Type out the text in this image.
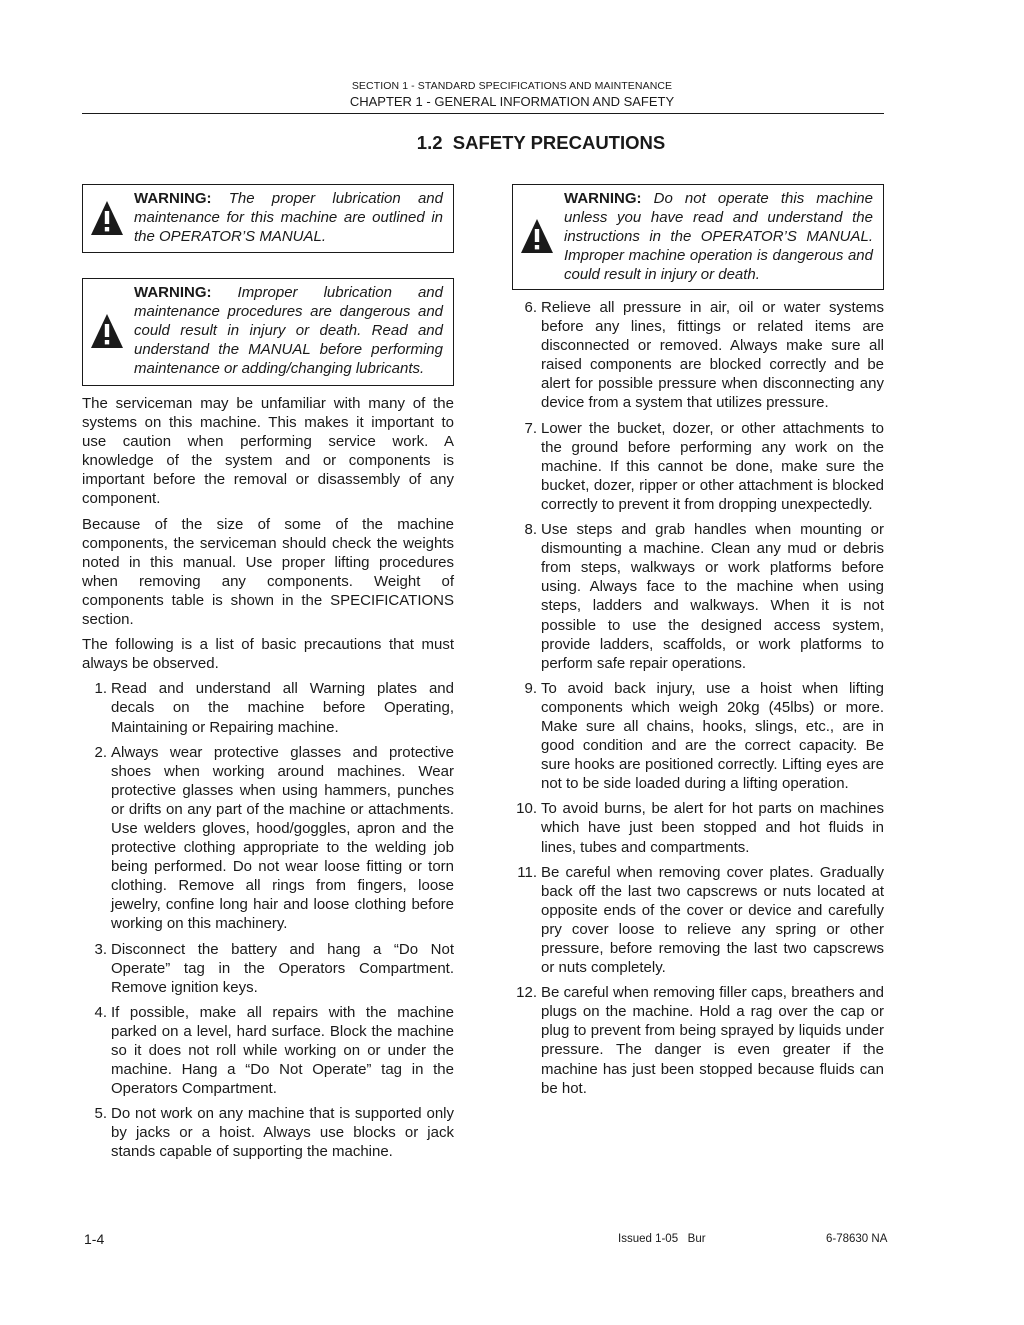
SECTION 1 - STANDARD SPECIFICATIONS AND MAINTENANCE
CHAPTER 1 - GENERAL INFORMATION AND SAFETY
1.2  SAFETY PRECAUTIONS
WARNING: The proper lubrication and maintenance for this machine are outlined in the OPERATOR’S MANUAL.
WARNING: Improper lubrication and maintenance procedures are dangerous and could result in injury or death. Read and understand the MANUAL before performing maintenance or adding/changing lubricants.

The serviceman may be unfamiliar with many of the systems on this machine. This makes it important to use caution when performing service work. A knowledge of the system and or components is important before the removal or disassembly of any component.

Because of the size of some of the machine components, the serviceman should check the weights noted in this manual. Use proper lifting procedures when removing any components. Weight of components table is shown in the SPECIFICATIONS section.

The following is a list of basic precautions that must always be observed.

1. Read and understand all Warning plates and decals on the machine before Operating, Maintaining or Repairing machine.
2. Always wear protective glasses and protective shoes when working around machines. Wear protective glasses when using hammers, punches or drifts on any part of the machine or attachments. Use welders gloves, hood/goggles, apron and the protective clothing appropriate to the welding job being performed. Do not wear loose fitting or torn clothing. Remove all rings from fingers, loose jewelry, confine long hair and loose clothing before working on this machinery.
3. Disconnect the battery and hang a “Do Not Operate” tag in the Operators Compartment. Remove ignition keys.
4. If possible, make all repairs with the machine parked on a level, hard surface. Block the machine so it does not roll while working on or under the machine. Hang a “Do Not Operate” tag in the Operators Compartment.
5. Do not work on any machine that is supported only by jacks or a hoist. Always use blocks or jack stands capable of supporting the machine.
WARNING: Do not operate this machine unless you have read and understand the instructions in the OPERATOR’S MANUAL. Improper machine operation is dangerous and could result in injury or death.
6. Relieve all pressure in air, oil or water systems before any lines, fittings or related items are disconnected or removed. Always make sure all raised components are blocked correctly and be alert for possible pressure when disconnecting any device from a system that utilizes pressure.
7. Lower the bucket, dozer, or other attachments to the ground before performing any work on the machine. If this cannot be done, make sure the bucket, dozer, ripper or other attachment is blocked correctly to prevent it from dropping unexpectedly.
8. Use steps and grab handles when mounting or dismounting a machine. Clean any mud or debris from steps, walkways or work platforms before using. Always face to the machine when using steps, ladders and walkways. When it is not possible to use the designed access system, provide ladders, scaffolds, or work platforms to perform safe repair operations.
9. To avoid back injury, use a hoist when lifting components which weigh 20kg (45lbs) or more. Make sure all chains, hooks, slings, etc., are in good condition and are the correct capacity. Be sure hooks are positioned correctly. Lifting eyes are not to be side loaded during a lifting operation.
10. To avoid burns, be alert for hot parts on machines which have just been stopped and hot fluids in lines, tubes and compartments.
11. Be careful when removing cover plates. Gradually back off the last two capscrews or nuts located at opposite ends of the cover or device and carefully pry cover loose to relieve any spring or other pressure, before removing the last two capscrews or nuts completely.
12. Be careful when removing filler caps, breathers and plugs on the machine. Hold a rag over the cap or plug to prevent from being sprayed by liquids under pressure. The danger is even greater if the machine has just been stopped because fluids can be hot.
1-4	Issued 1-05   Bur	6-78630 NA
